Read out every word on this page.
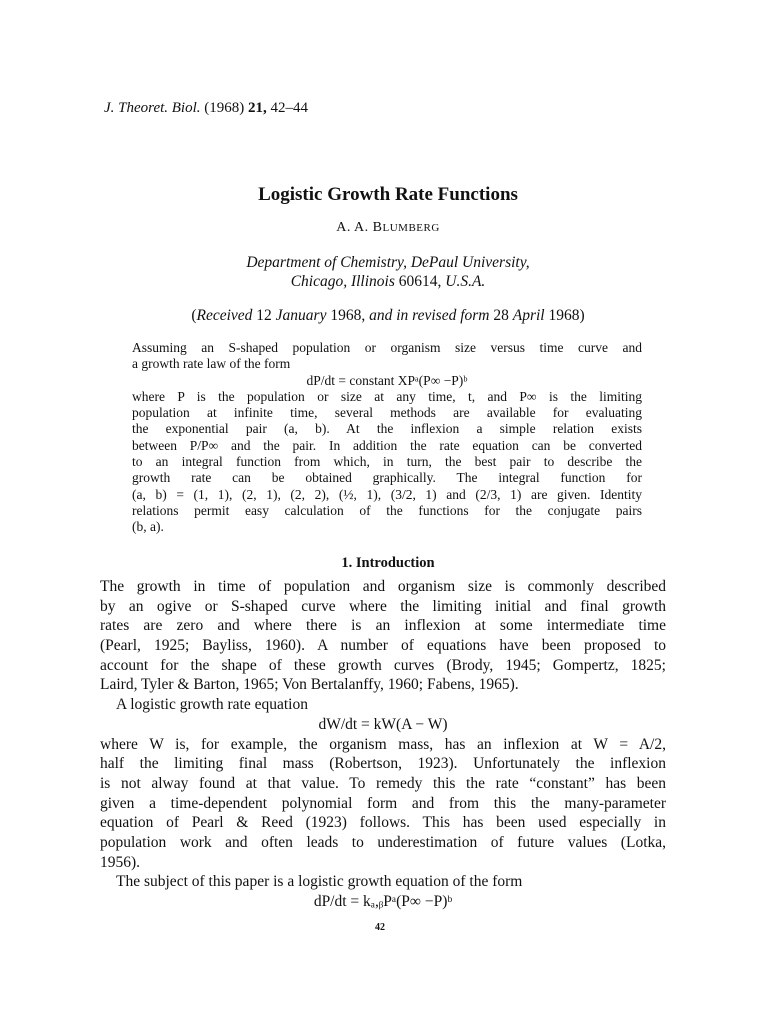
J. Theoret. Biol. (1968) 21, 42–44
Logistic Growth Rate Functions
A. A. BLUMBERG
Department of Chemistry, DePaul University,
Chicago, Illinois 60614, U.S.A.
(Received 12 January 1968, and in revised form 28 April 1968)
Assuming an S-shaped population or organism size versus time curve and
a growth rate law of the form
dP/dt = constant XPᵃ(P∞ −P)ᵇ
where P is the population or size at any time, t, and P∞ is the limiting
population at infinite time, several methods are available for evaluating
the exponential pair (a, b). At the inflexion a simple relation exists
between P/P∞ and the pair. In addition the rate equation can be converted
to an integral function from which, in turn, the best pair to describe the
growth rate can be obtained graphically. The integral function for
(a, b) = (1, 1), (2, 1), (2, 2), (½, 1), (3/2, 1) and (2/3, 1) are given. Identity
relations permit easy calculation of the functions for the conjugate pairs
(b, a).
1. Introduction
The growth in time of population and organism size is commonly described
by an ogive or S-shaped curve where the limiting initial and final growth
rates are zero and where there is an inflexion at some intermediate time
(Pearl, 1925; Bayliss, 1960). A number of equations have been proposed to
account for the shape of these growth curves (Brody, 1945; Gompertz, 1825;
Laird, Tyler & Barton, 1965; Von Bertalanffy, 1960; Fabens, 1965).
A logistic growth rate equation
dW/dt = kW(A − W)
where W is, for example, the organism mass, has an inflexion at W = A/2,
half the limiting final mass (Robertson, 1923). Unfortunately the inflexion
is not alway found at that value. To remedy this the rate “constant” has been
given a time-dependent polynomial form and from this the many-parameter
equation of Pearl & Reed (1923) follows. This has been used especially in
population work and often leads to underestimation of future values (Lotka,
1956).
The subject of this paper is a logistic growth equation of the form
dP/dt = kₐ,ᵦPᵃ(P∞ −P)ᵇ
42
